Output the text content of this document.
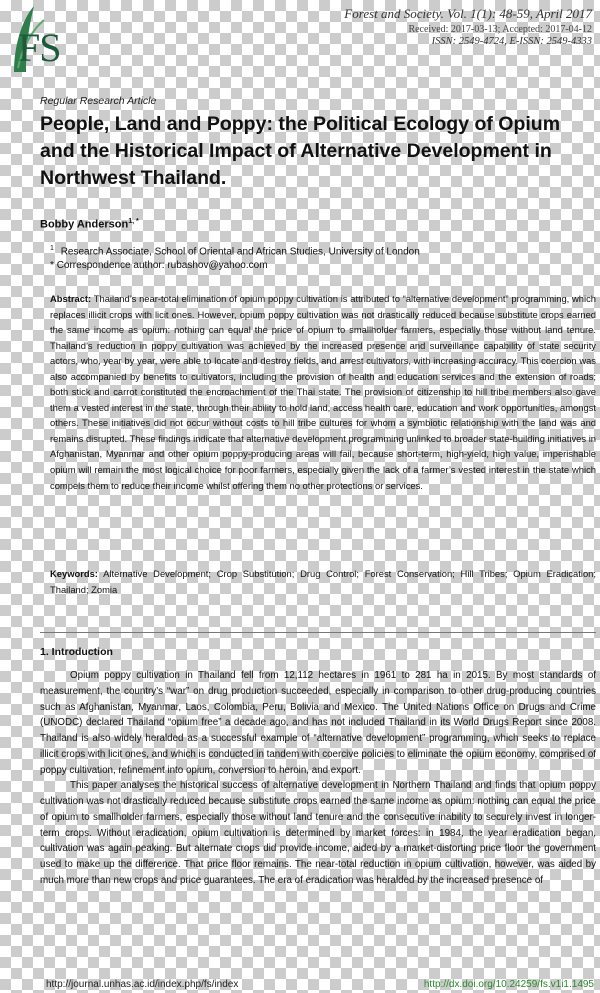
FS
Forest and Society. Vol. 1(1): 48-59, April 2017
Received: 2017-03-13; Accepted: 2017-04-12
ISSN: 2549-4724, E-ISSN: 2549-4333
Regular Research Article
People, Land and Poppy: the Political Ecology of Opium and the Historical Impact of Alternative Development in Northwest Thailand.
Bobby Anderson$^{1, *}$
$^1$ Research Associate, School of Oriental and African Studies, University of London
* Correspondence author: rubashov@yahoo.com
Abstract: Thailand’s near-total elimination of opium poppy cultivation is attributed to “alternative development” programming, which replaces illicit crops with licit ones. However, opium poppy cultivation was not drastically reduced because substitute crops earned the same income as opium: nothing can equal the price of opium to smallholder farmers, especially those without land tenure. Thailand’s reduction in poppy cultivation was achieved by the increased presence and surveillance capability of state security actors, who, year by year, were able to locate and destroy fields, and arrest cultivators, with increasing accuracy. This coercion was also accompanied by benefits to cultivators, including the provision of health and education services and the extension of roads; both stick and carrot constituted the encroachment of the Thai state. The provision of citizenship to hill tribe members also gave them a vested interest in the state, through their ability to hold land, access health care, education and work opportunities, amongst others. These initiatives did not occur without costs to hill tribe cultures for whom a symbiotic relationship with the land was and remains disrupted. These findings indicate that alternative development programming unlinked to broader state-building initiatives in Afghanistan, Myanmar and other opium poppy-producing areas will fail, because short-term, high-yield, high value, imperishable opium will remain the most logical choice for poor farmers, especially given the lack of a farmer’s vested interest in the state which compels them to reduce their income whilst offering them no other protections or services.
Keywords: Alternative Development; Crop Substitution; Drug Control; Forest Conservation; Hill Tribes; Opium Eradication; Thailand; Zomia
1. Introduction

Opium poppy cultivation in Thailand fell from 12,112 hectares in 1961 to 281 ha in 2015. By most standards of measurement, the country’s “war” on drug production succeeded, especially in comparison to other drug-producing countries such as Afghanistan, Myanmar, Laos, Colombia, Peru, Bolivia and Mexico. The United Nations Office on Drugs and Crime (UNODC) declared Thailand “opium free” a decade ago, and has not included Thailand in its World Drugs Report since 2008. Thailand is also widely heralded as a successful example of “alternative development” programming, which seeks to replace illicit crops with licit ones, and which is conducted in tandem with coercive policies to eliminate the opium economy, comprised of poppy cultivation, refinement into opium, conversion to heroin, and export.

This paper analyses the historical success of alternative development in Northern Thailand and finds that opium poppy cultivation was not drastically reduced because substitute crops earned the same income as opium: nothing can equal the price of opium to smallholder farmers, especially those without land tenure and the consecutive inability to securely invest in longer-term crops. Without eradication, opium cultivation is determined by market forces: in 1984, the year eradication began, cultivation was again peaking. But alternate crops did provide income, aided by a market-distorting price floor the government used to make up the difference. That price floor remains. The near-total reduction in opium cultivation, however, was aided by much more than new crops and price guarantees. The era of eradication was heralded by the increased presence of

http://journal.unhas.ac.id/index.php/fs/index	http://dx.doi.org/10.24259/fs.v1i1.1495
